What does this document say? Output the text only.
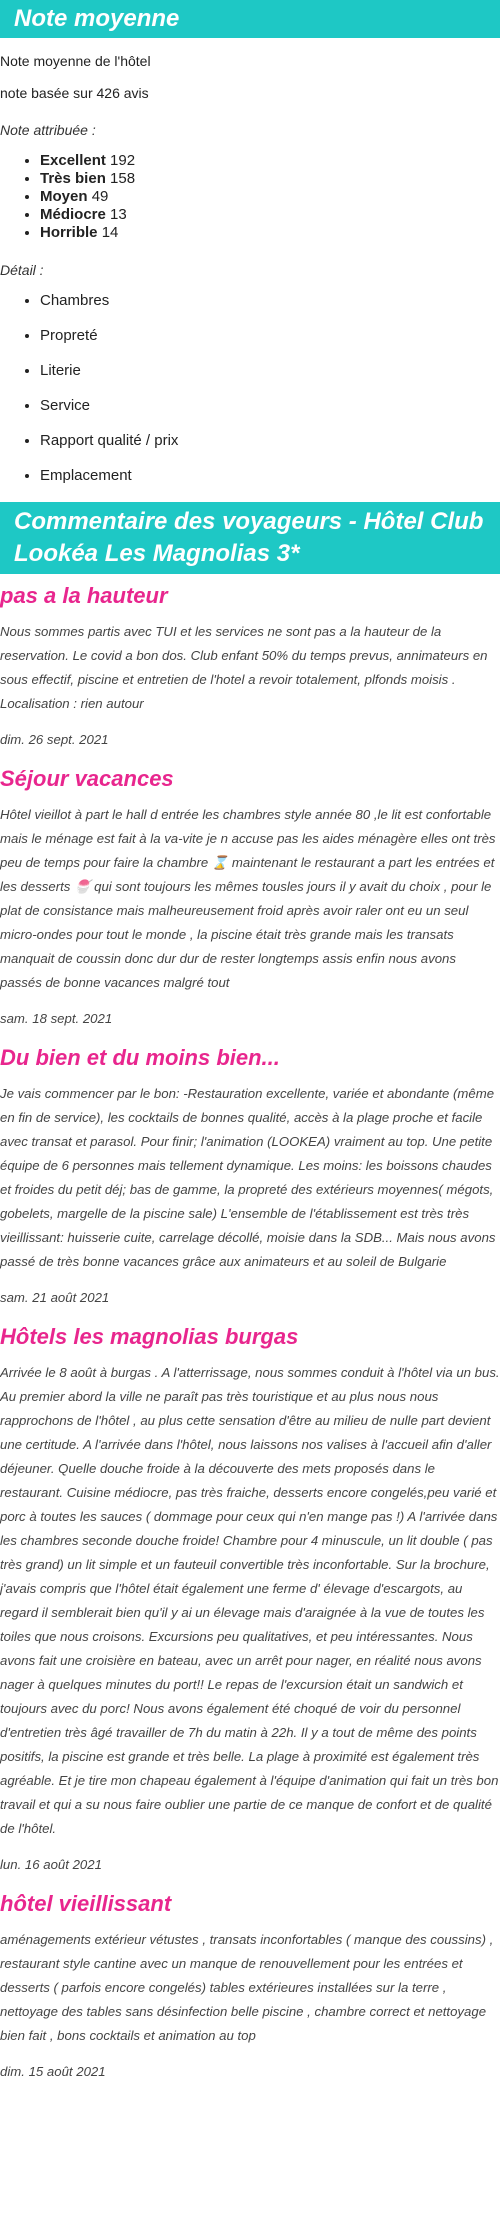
Note moyenne

Note moyenne de l'hôtel

note basée sur 426 avis

Note attribuée :

• Excellent 192
• Très bien 158
• Moyen 49
• Médiocre 13
• Horrible 14

Détail :

• Chambres
• Propreté
• Literie
• Service
• Rapport qualité / prix
• Emplacement
Commentaire des voyageurs - Hôtel Club Lookéa Les Magnolias 3*
pas a la hauteur

Nous sommes partis avec TUI et les services ne sont pas a la hauteur de la reservation. Le covid a bon dos. Club enfant 50% du temps prevus, annimateurs en sous effectif, piscine et entretien de l'hotel a revoir totalement, plfonds moisis . Localisation : rien autour

dim. 26 sept. 2021

Séjour vacances

Hôtel vieillot à part le hall d entrée les chambres style année 80 ,le lit est confortable mais le ménage est fait à la va-vite je n accuse pas les aides ménagère elles ont très peu de temps pour faire la chambre ⌛ maintenant le restaurant a part les entrées et les desserts 🍧 qui sont toujours les mêmes tousles jours il y avait du choix , pour le plat de consistance mais malheureusement froid après avoir raler ont eu un seul micro-ondes pour tout le monde , la piscine était très grande mais les transats manquait de coussin donc dur dur de rester longtemps assis enfin nous avons passés de bonne vacances malgré tout

sam. 18 sept. 2021

Du bien et du moins bien...

Je vais commencer par le bon: -Restauration excellente, variée et abondante (même en fin de service), les cocktails de bonnes qualité, accès à la plage proche et facile avec transat et parasol. Pour finir; l'animation (LOOKEA) vraiment au top. Une petite équipe de 6 personnes mais tellement dynamique. Les moins: les boissons chaudes et froides du petit déj; bas de gamme, la propreté des extérieurs moyennes( mégots, gobelets, margelle de la piscine sale) L'ensemble de l'établissement est très très vieillissant: huisserie cuite, carrelage décollé, moisie dans la SDB... Mais nous avons passé de très bonne vacances grâce aux animateurs et au soleil de Bulgarie

sam. 21 août 2021

Hôtels les magnolias burgas

Arrivée le 8 août à burgas . A l'atterrissage, nous sommes conduit à l'hôtel via un bus. Au premier abord la ville ne paraît pas très touristique et au plus nous nous rapprochons de l'hôtel , au plus cette sensation d'être au milieu de nulle part devient une certitude. A l'arrivée dans l'hôtel, nous laissons nos valises à l'accueil afin d'aller déjeuner. Quelle douche froide à la découverte des mets proposés dans le restaurant. Cuisine médiocre, pas très fraiche, desserts encore congelés,peu varié et porc à toutes les sauces ( dommage pour ceux qui n'en mange pas !) A l'arrivée dans les chambres seconde douche froide! Chambre pour 4 minuscule, un lit double ( pas très grand) un lit simple et un fauteuil convertible très inconfortable. Sur la brochure, j'avais compris que l'hôtel était également une ferme d' élevage d'escargots, au regard il semblerait bien qu'il y ai un élevage mais d'araignée à la vue de toutes les toiles que nous croisons. Excursions peu qualitatives, et peu intéressantes. Nous avons fait une croisière en bateau, avec un arrêt pour nager, en réalité nous avons nager à quelques minutes du port!! Le repas de l'excursion était un sandwich et toujours avec du porc! Nous avons également été choqué de voir du personnel d'entretien très âgé travailler de 7h du matin à 22h. Il y a tout de même des points positifs, la piscine est grande et très belle. La plage à proximité est également très agréable. Et je tire mon chapeau également à l'équipe d'animation qui fait un très bon travail et qui a su nous faire oublier une partie de ce manque de confort et de qualité de l'hôtel.

lun. 16 août 2021

hôtel vieillissant

aménagements extérieur vétustes , transats inconfortables ( manque des coussins) , restaurant style cantine avec un manque de renouvellement pour les entrées et desserts ( parfois encore congelés) tables extérieures installées sur la terre , nettoyage des tables sans désinfection belle piscine , chambre correct et nettoyage bien fait , bons cocktails et animation au top

dim. 15 août 2021
